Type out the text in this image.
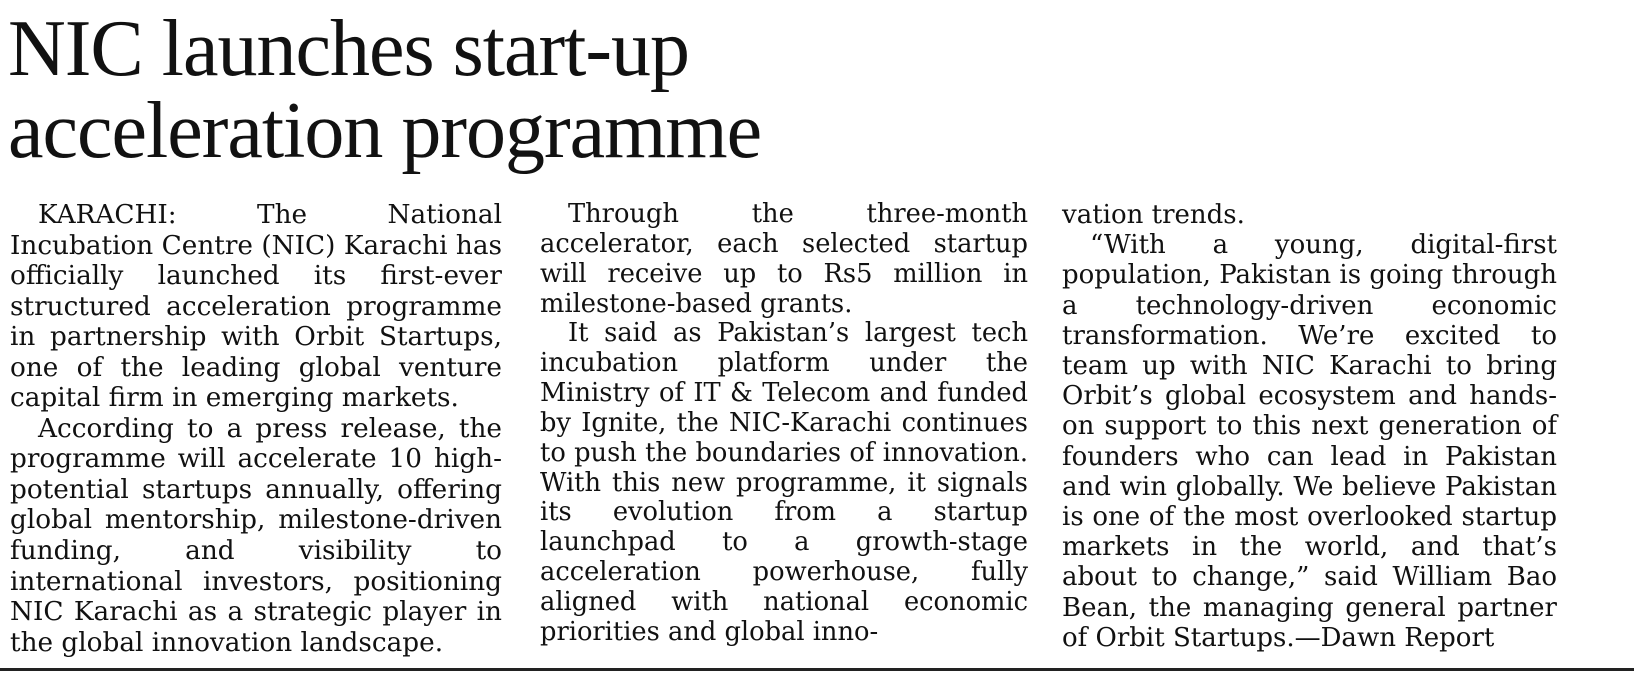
NIC launches start-up
acceleration programme

KARACHI: The National Incubation Centre (NIC) Karachi has officially launched its first-ever structured acceleration programme in partnership with Orbit Startups, one of the leading global venture capital firm in emerging markets.

According to a press release, the programme will accelerate 10 high-potential startups annually, offering global mentorship, milestone-driven funding, and visibility to international investors, positioning NIC Karachi as a strategic player in the global innovation landscape.

Through the three-month accelerator, each selected startup will receive up to Rs5 million in milestone-based grants.

It said as Pakistan’s largest tech incubation platform under the Ministry of IT & Telecom and funded by Ignite, the NIC-Karachi continues to push the boundaries of innovation. With this new programme, it signals its evolution from a startup launchpad to a growth-stage acceleration powerhouse, fully aligned with national economic priorities and global inno-

vation trends.

“With a young, digital-first population, Pakistan is going through a technology-driven economic transformation. We’re excited to team up with NIC Karachi to bring Orbit’s global ecosystem and hands-on support to this next generation of founders who can lead in Pakistan and win globally. We believe Pakistan is one of the most overlooked startup markets in the world, and that’s about to change,” said William Bao Bean, the managing general partner of Orbit Startups.—Dawn Report
